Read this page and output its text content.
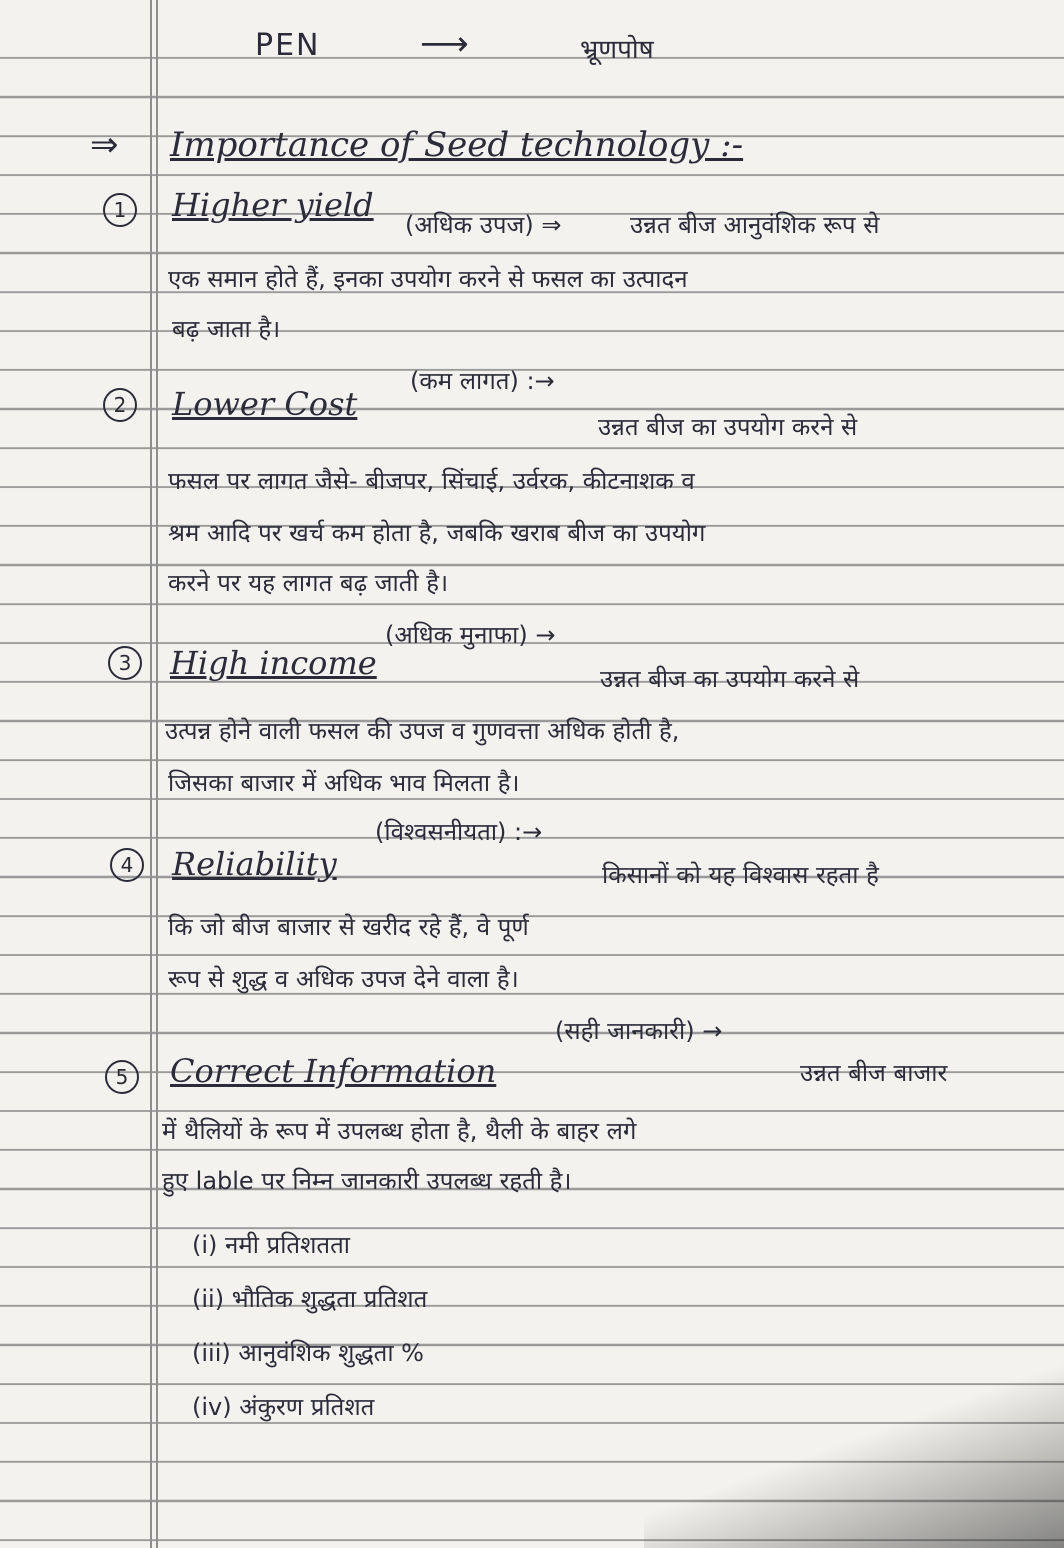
PEN	⟶	भ्रूणपोष
⇒ Importance of Seed technology :-
1	Higher yield
(अधिक उपज) ⇒	उन्नत बीज आनुवंशिक रूप से
एक समान होते हैं, इनका उपयोग करने से फसल का उत्पादन
बढ़ जाता है।
2	Lower Cost
(कम लागत) :→
उन्नत बीज का उपयोग करने से
फसल पर लागत जैसे- बीजपर, सिंचाई, उर्वरक, कीटनाशक व
श्रम आदि पर खर्च कम होता है, जबकि खराब बीज का उपयोग
करने पर यह लागत बढ़ जाती है।
3	High income
(अधिक मुनाफा) →
उन्नत बीज का उपयोग करने से
उत्पन्न होने वाली फसल की उपज व गुणवत्ता अधिक होती है,
जिसका बाजार में अधिक भाव मिलता है।
4	Reliability
(विश्वसनीयता) :→
किसानों को यह विश्वास रहता है
कि जो बीज बाजार से खरीद रहे हैं, वे पूर्ण
रूप से शुद्ध व अधिक उपज देने वाला है।
5	Correct Information
(सही जानकारी) →
उन्नत बीज बाजार
में थैलियों के रूप में उपलब्ध होता है, थैली के बाहर लगे
हुए lable पर निम्न जानकारी उपलब्ध रहती है।
(i) नमी प्रतिशतता
(ii) भौतिक शुद्धता प्रतिशत
(iii) आनुवंशिक शुद्धता %
(iv) अंकुरण प्रतिशत
